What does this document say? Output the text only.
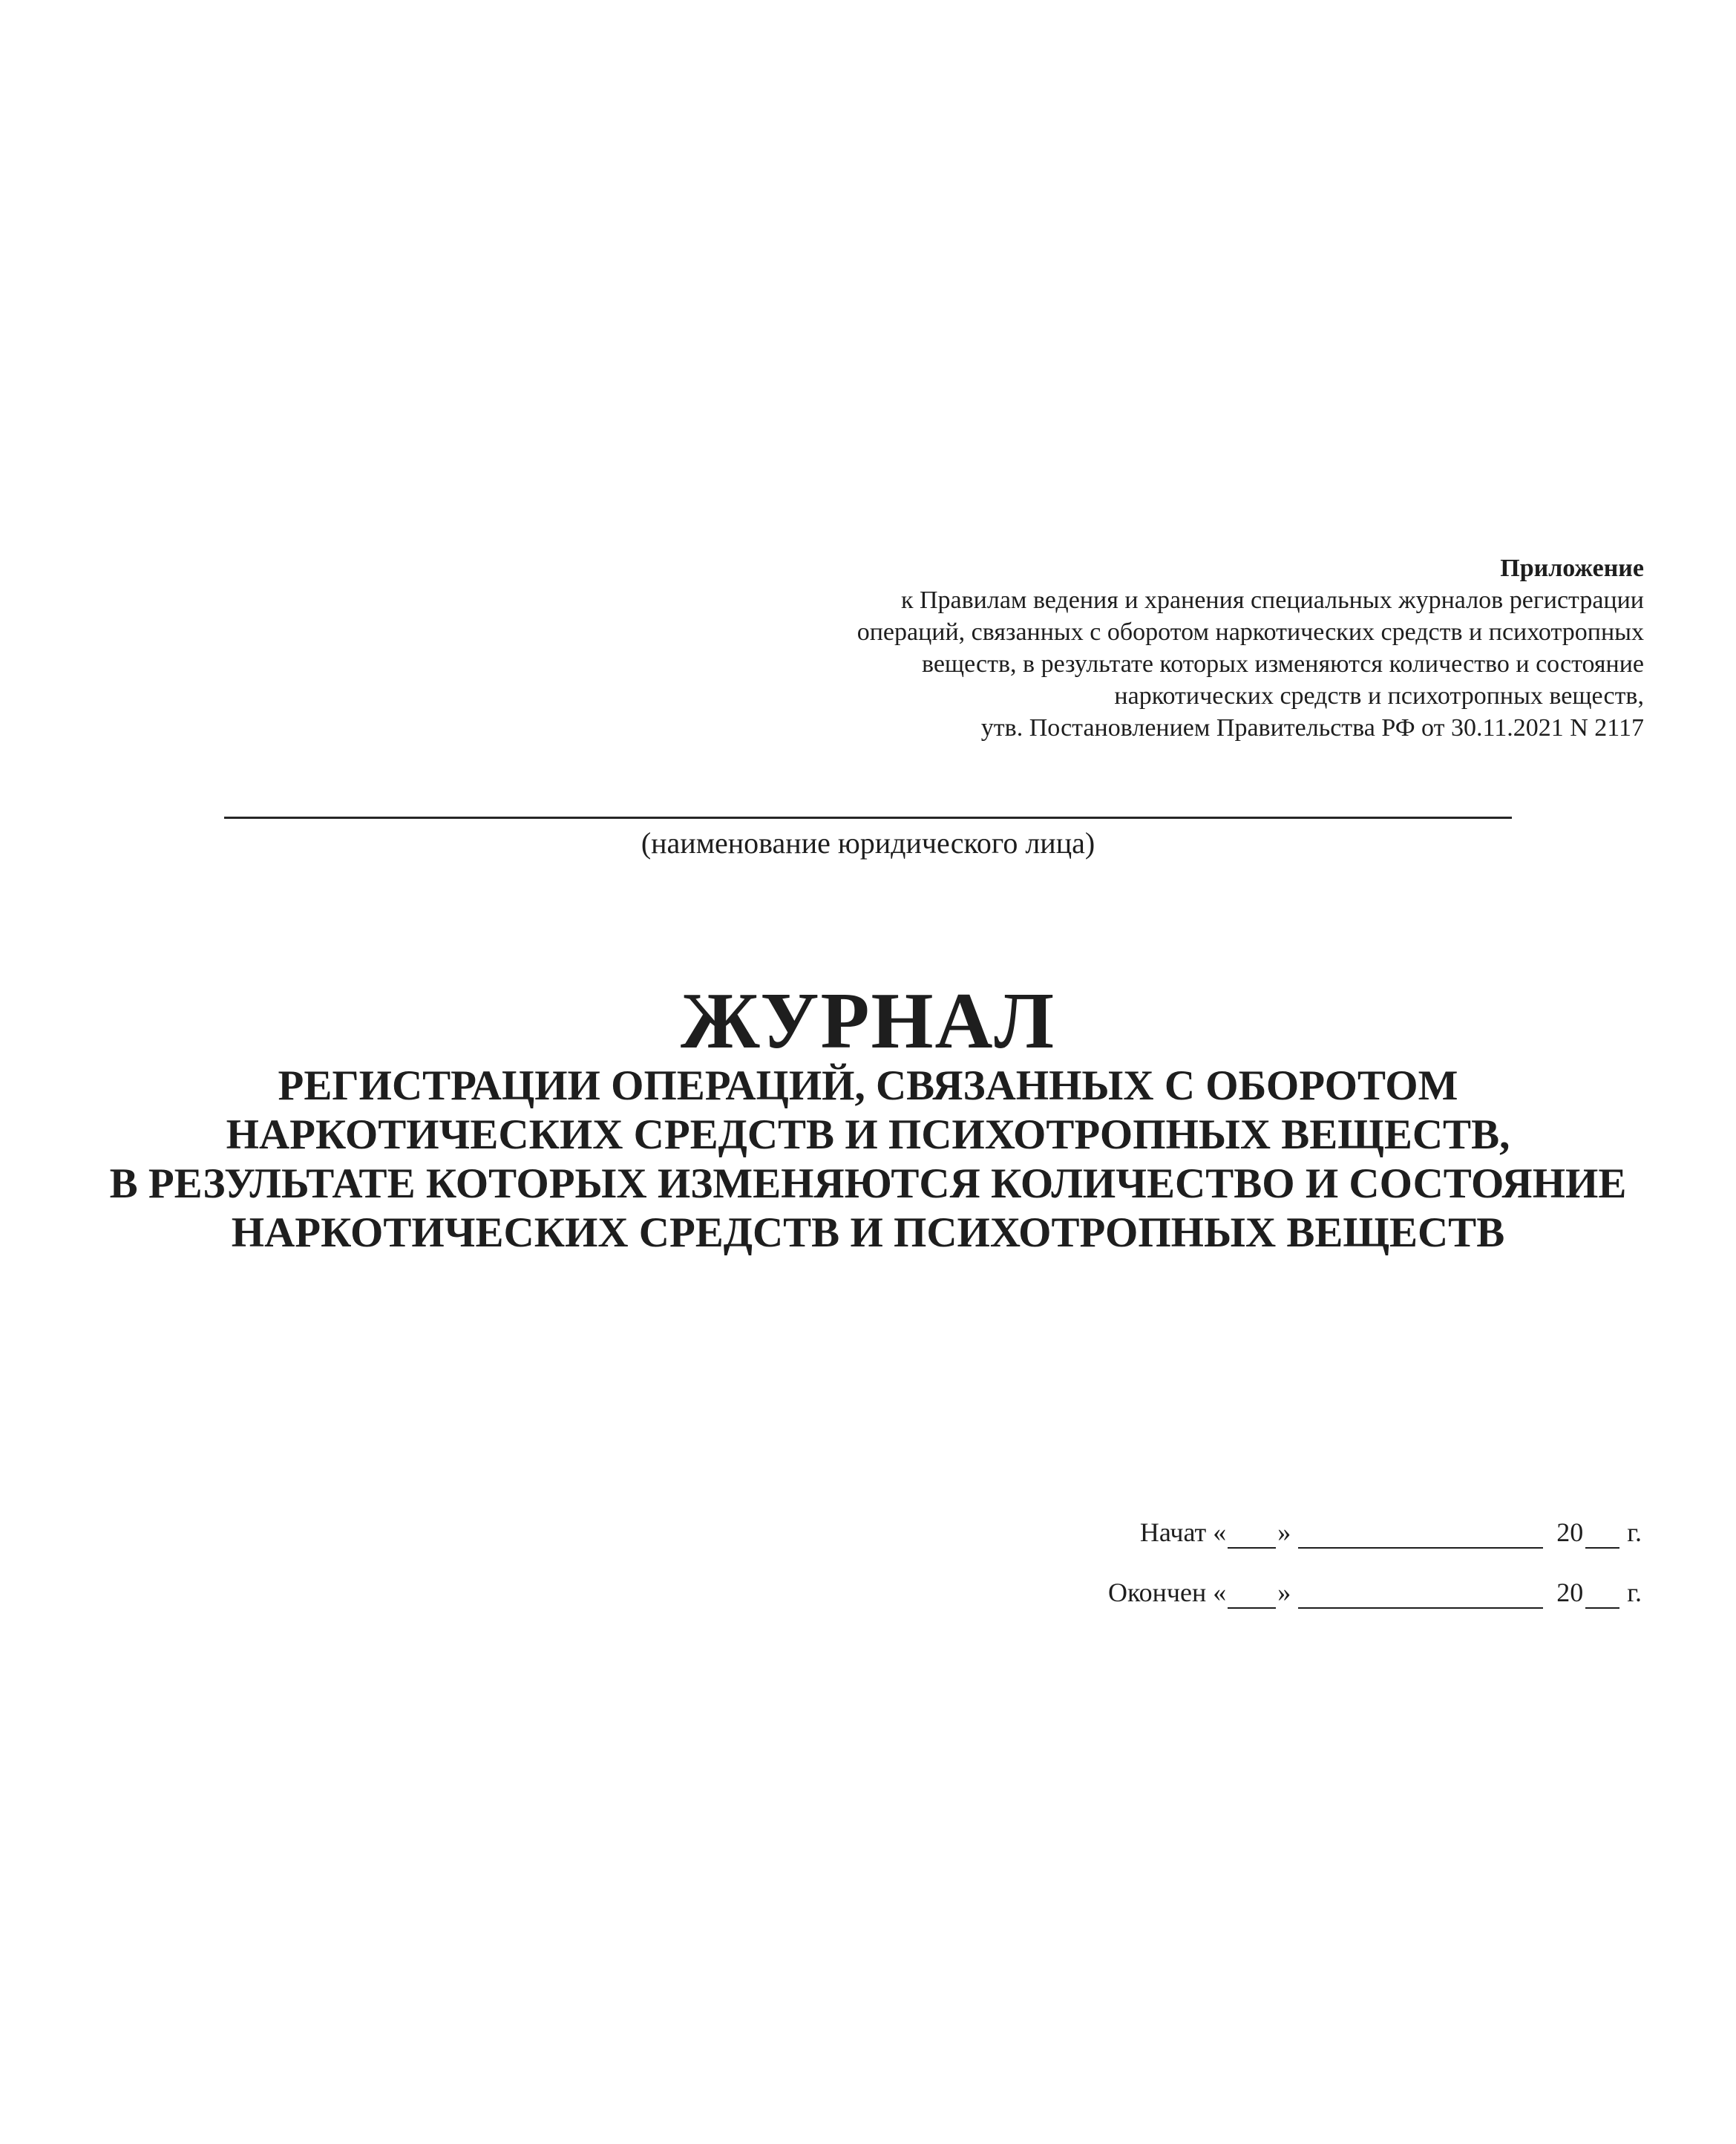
Приложение
к Правилам ведения и хранения специальных журналов регистрации
операций, связанных с оборотом наркотических средств и психотропных
веществ, в результате которых изменяются количество и состояние
наркотических средств и психотропных веществ,
утв. Постановлением Правительства РФ от 30.11.2021 N 2117
(наименование юридического лица)
ЖУРНАЛ
РЕГИСТРАЦИИ ОПЕРАЦИЙ, СВЯЗАННЫХ С ОБОРОТОМ
НАРКОТИЧЕСКИХ СРЕДСТВ И ПСИХОТРОПНЫХ ВЕЩЕСТВ,
В РЕЗУЛЬТАТЕ КОТОРЫХ ИЗМЕНЯЮТСЯ КОЛИЧЕСТВО И СОСТОЯНИЕ
НАРКОТИЧЕСКИХ СРЕДСТВ И ПСИХОТРОПНЫХ ВЕЩЕСТВ
Начат « »	20 г.
Окончен « »	20 г.
